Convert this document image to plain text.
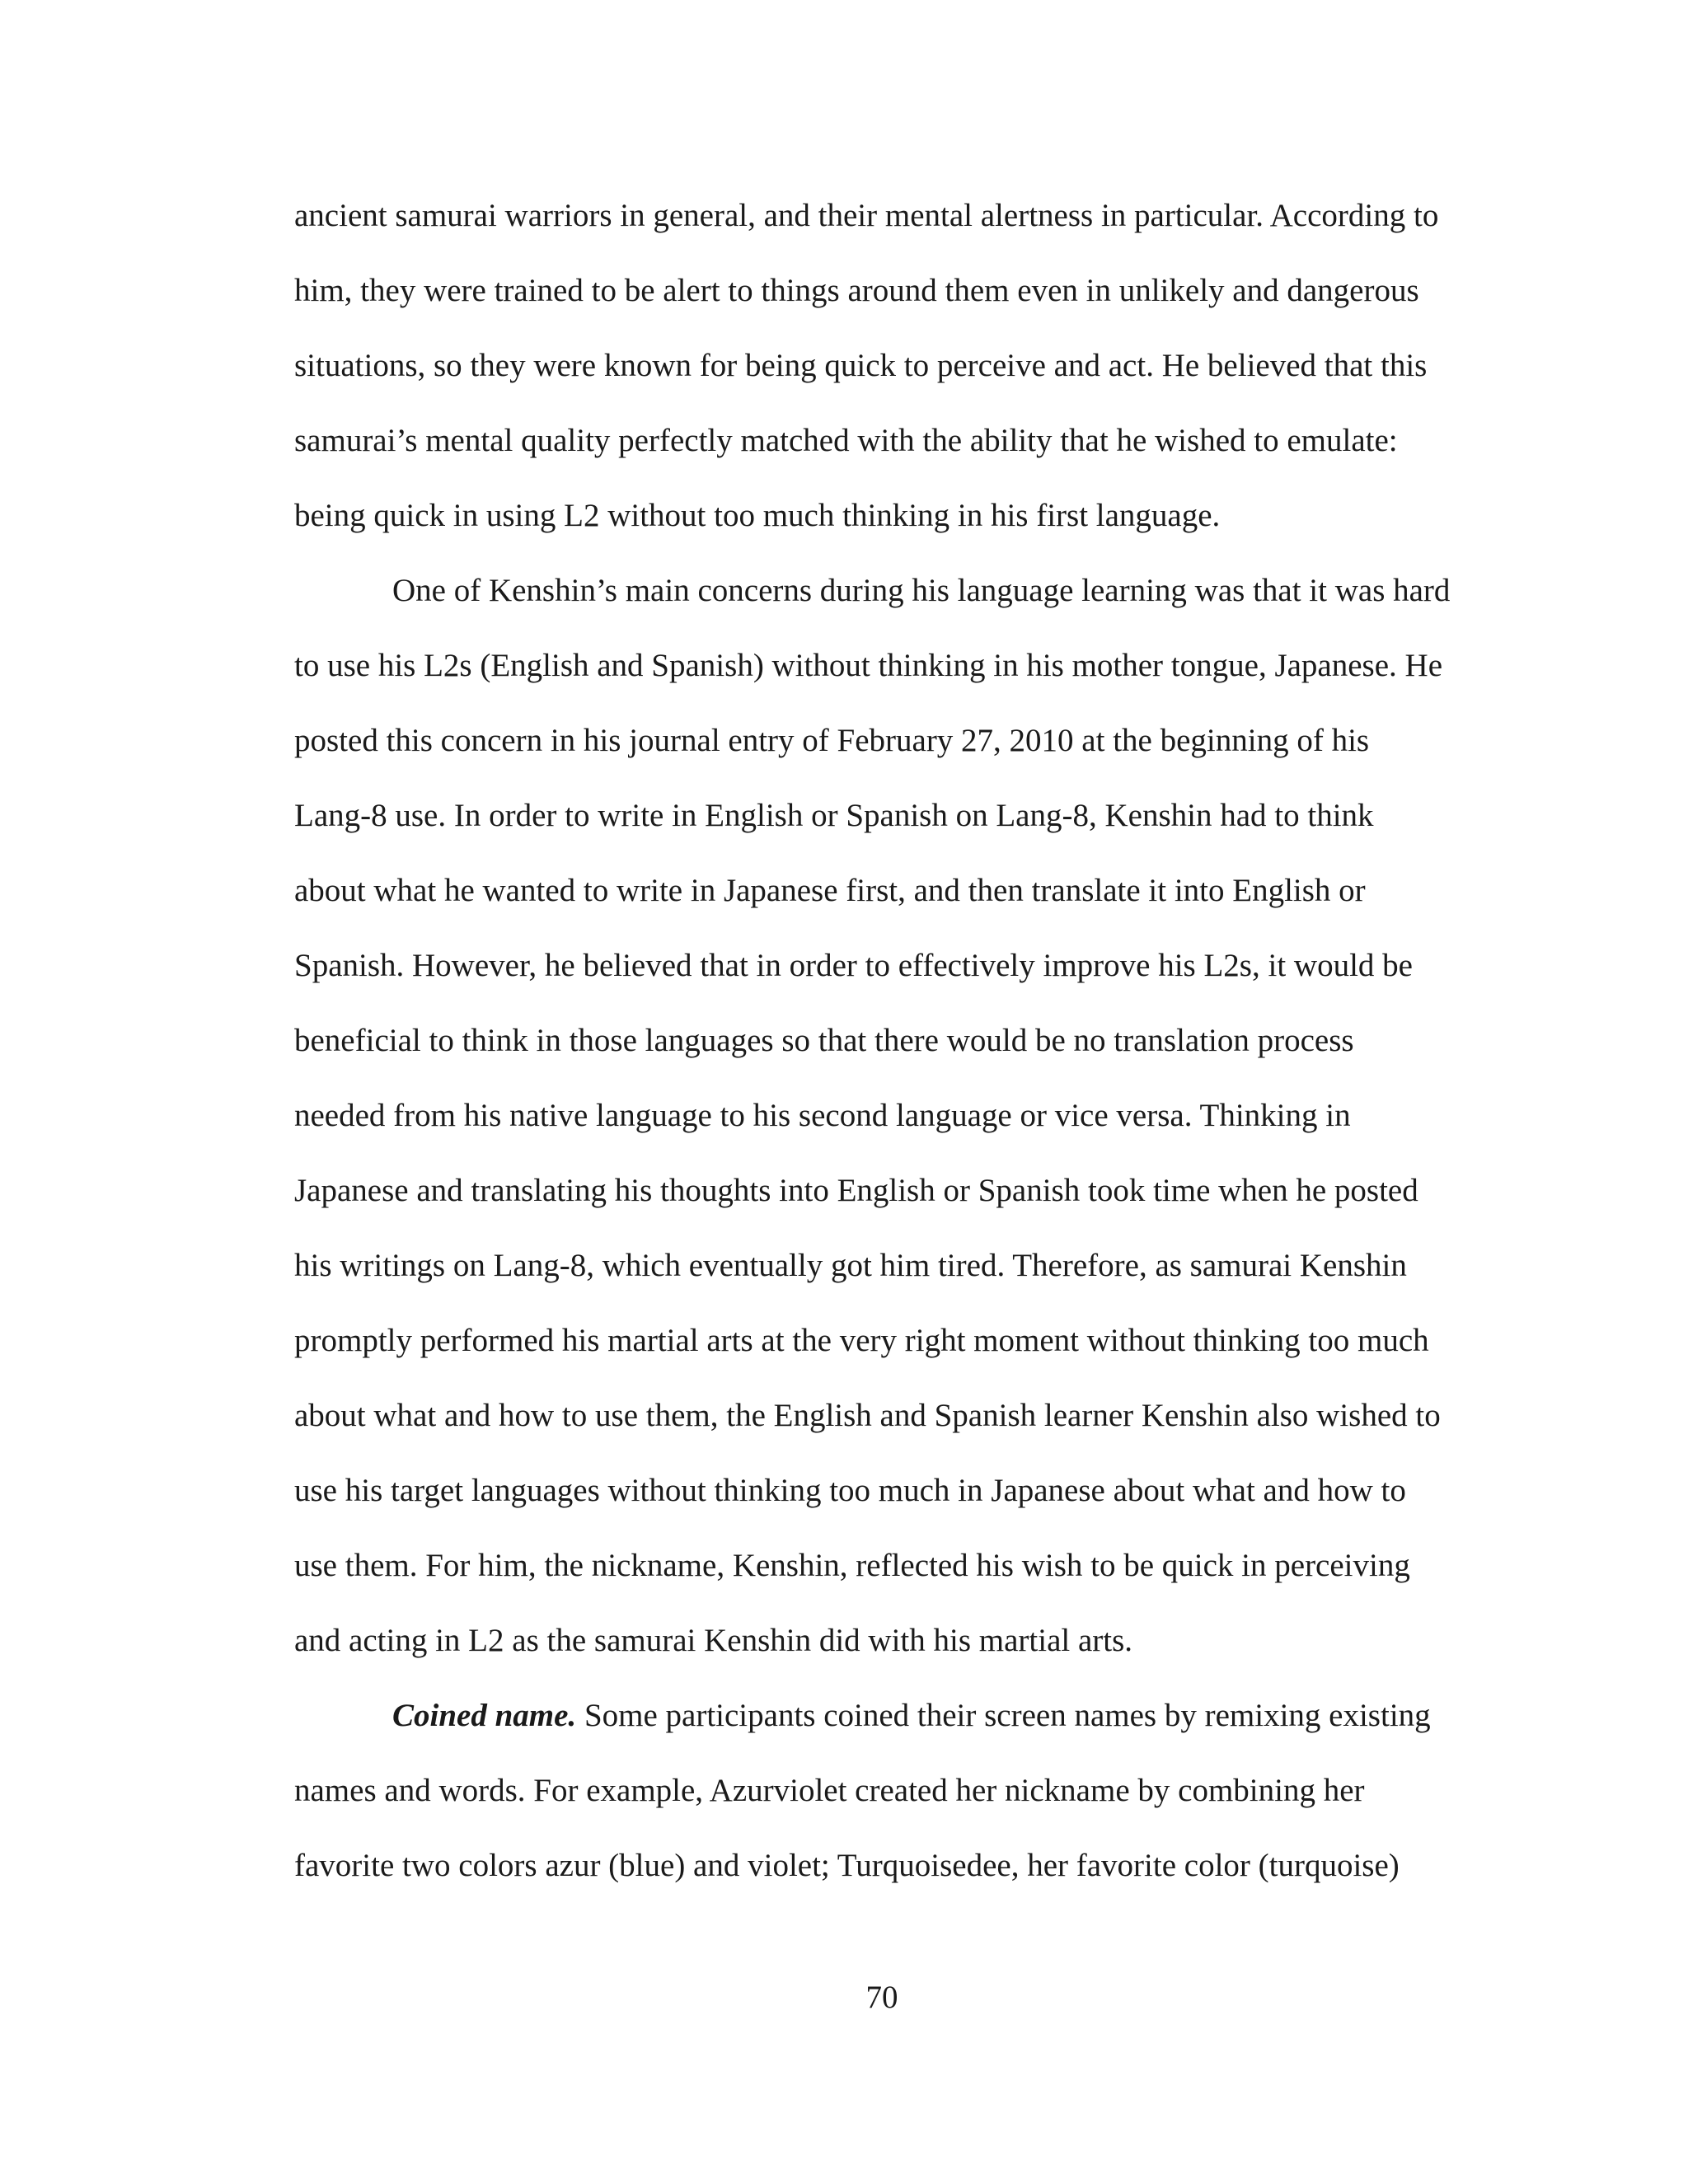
ancient samurai warriors in general, and their mental alertness in particular. According to
him, they were trained to be alert to things around them even in unlikely and dangerous
situations, so they were known for being quick to perceive and act. He believed that this
samurai’s mental quality perfectly matched with the ability that he wished to emulate:
being quick in using L2 without too much thinking in his first language.
One of Kenshin’s main concerns during his language learning was that it was hard
to use his L2s (English and Spanish) without thinking in his mother tongue, Japanese. He
posted this concern in his journal entry of February 27, 2010 at the beginning of his
Lang-8 use. In order to write in English or Spanish on Lang-8, Kenshin had to think
about what he wanted to write in Japanese first, and then translate it into English or
Spanish. However, he believed that in order to effectively improve his L2s, it would be
beneficial to think in those languages so that there would be no translation process
needed from his native language to his second language or vice versa. Thinking in
Japanese and translating his thoughts into English or Spanish took time when he posted
his writings on Lang-8, which eventually got him tired. Therefore, as samurai Kenshin
promptly performed his martial arts at the very right moment without thinking too much
about what and how to use them, the English and Spanish learner Kenshin also wished to
use his target languages without thinking too much in Japanese about what and how to
use them. For him, the nickname, Kenshin, reflected his wish to be quick in perceiving
and acting in L2 as the samurai Kenshin did with his martial arts.
Coined name. Some participants coined their screen names by remixing existing
names and words. For example, Azurviolet created her nickname by combining her
favorite two colors azur (blue) and violet; Turquoisedee, her favorite color (turquoise)
70
